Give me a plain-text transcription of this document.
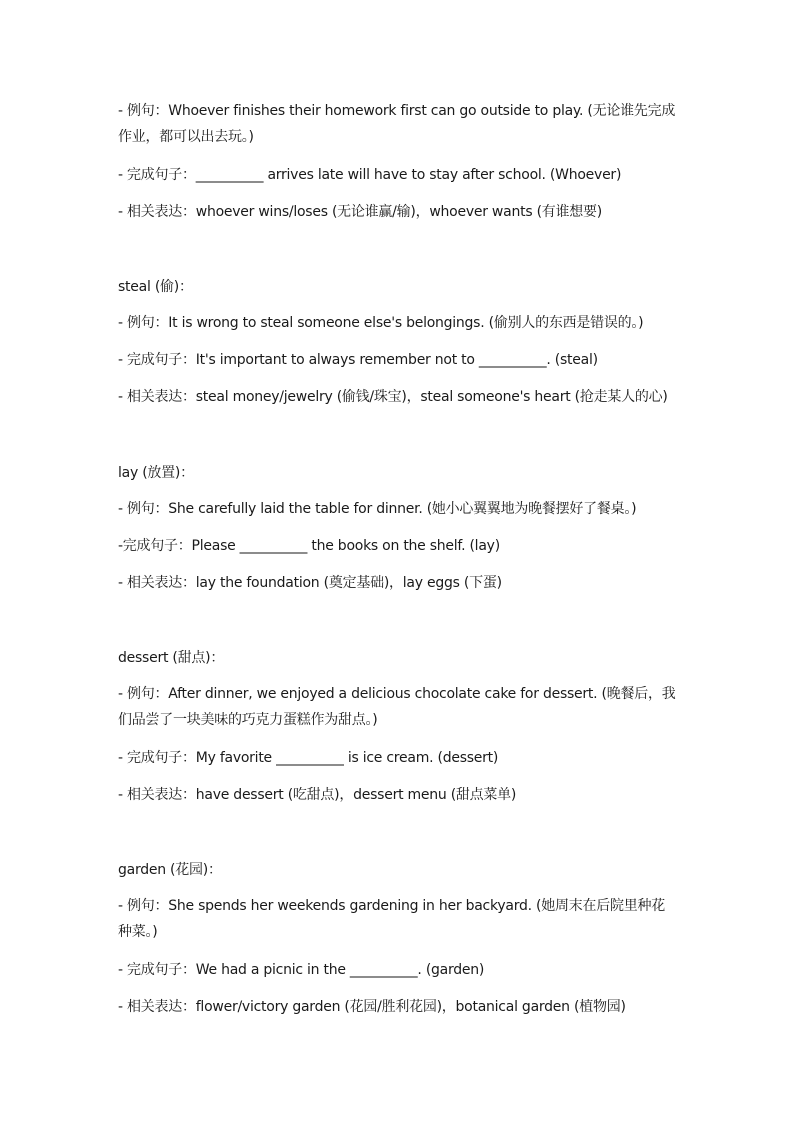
- 例句：Whoever finishes their homework first can go outside to play. (无论谁先完成作业，都可以出去玩。)
- 完成句子：__________ arrives late will have to stay after school. (Whoever)
- 相关表达：whoever wins/loses (无论谁赢/输)，whoever wants (有谁想要)
steal (偷)：
- 例句：It is wrong to steal someone else's belongings. (偷别人的东西是错误的。)
- 完成句子：It's important to always remember not to __________. (steal)
- 相关表达：steal money/jewelry (偷钱/珠宝)，steal someone's heart (抢走某人的心)
lay (放置)：
- 例句：She carefully laid the table for dinner. (她小心翼翼地为晚餐摆好了餐桌。)
-完成句子：Please __________ the books on the shelf. (lay)
- 相关表达：lay the foundation (奠定基础)，lay eggs (下蛋)
dessert (甜点)：
- 例句：After dinner, we enjoyed a delicious chocolate cake for dessert. (晚餐后，我们品尝了一块美味的巧克力蛋糕作为甜点。)
- 完成句子：My favorite __________ is ice cream. (dessert)
- 相关表达：have dessert (吃甜点)，dessert menu (甜点菜单)
garden (花园)：
- 例句：She spends her weekends gardening in her backyard. (她周末在后院里种花种菜。)
- 完成句子：We had a picnic in the __________. (garden)
- 相关表达：flower/victory garden (花园/胜利花园)，botanical garden (植物园)
